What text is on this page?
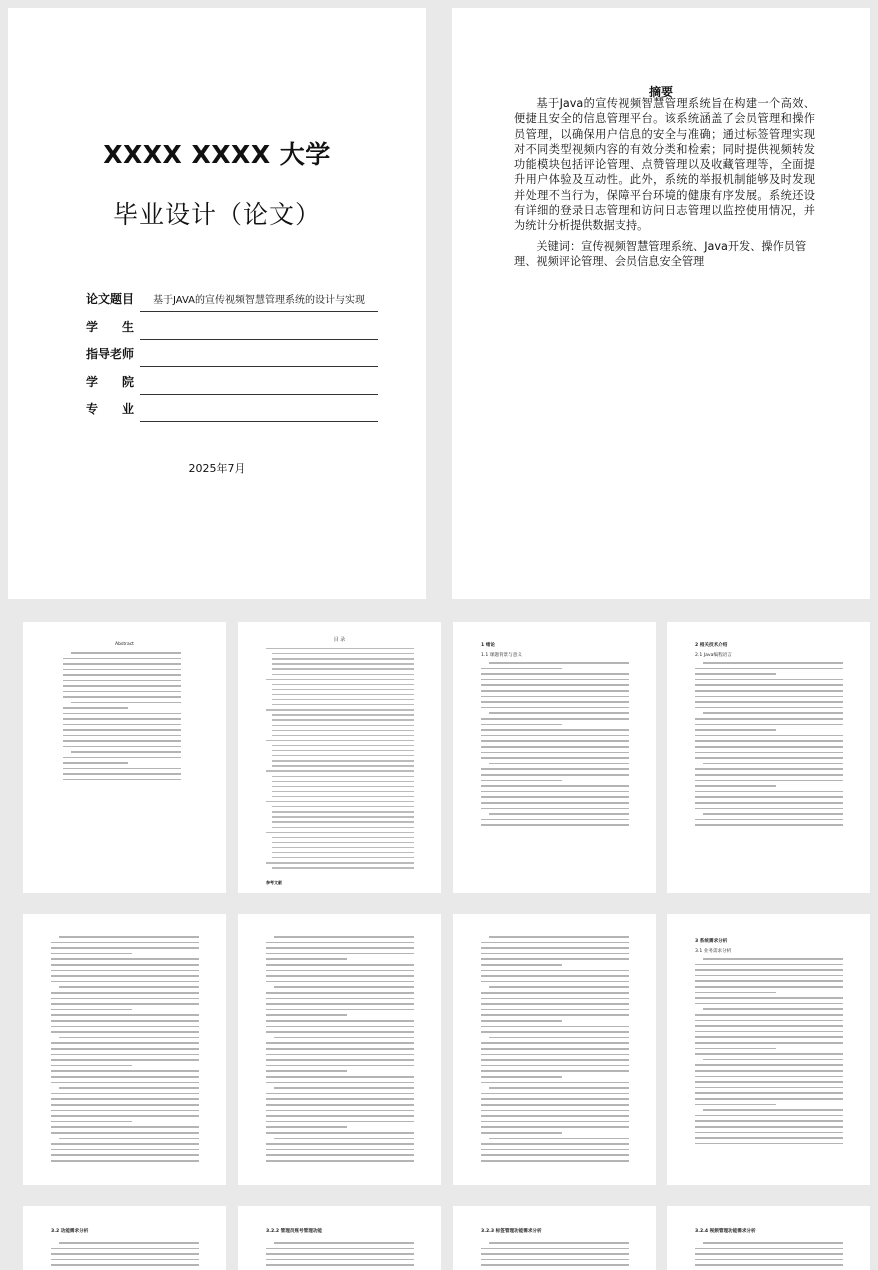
XXXX XXXX 大学
毕业设计（论文）
论文题目 基于JAVA的宣传视频智慧管理系统的设计与实现
学 生
指导老师
学 院
专 业
2025年7月
摘要
基于Java的宣传视频智慧管理系统旨在构建一个高效、便捷且安全的信息管理平台。该系统涵盖了会员管理和操作员管理，以确保用户信息的安全与准确；通过标签管理实现对不同类型视频内容的有效分类和检索；同时提供视频转发功能模块包括评论管理、点赞管理以及收藏管理等，全面提升用户体验及互动性。此外，系统的举报机制能够及时发现并处理不当行为，保障平台环境的健康有序发展。系统还设有详细的登录日志管理和访问日志管理以监控使用情况，并为统计分析提供数据支持。
关键词：宣传视频智慧管理系统、Java开发、操作员管理、视频评论管理、会员信息安全管理
Abstract
目 录
参考文献
1 绪论
1.1 课题背景与意义
2 相关技术介绍
2.1 Java编程语言
3 系统需求分析
3.1 业务需求分析
3.2 功能需求分析	3.2.2 管理员账号管理功能	3.2.3 标签管理功能需求分析	3.2.4 视频管理功能需求分析
